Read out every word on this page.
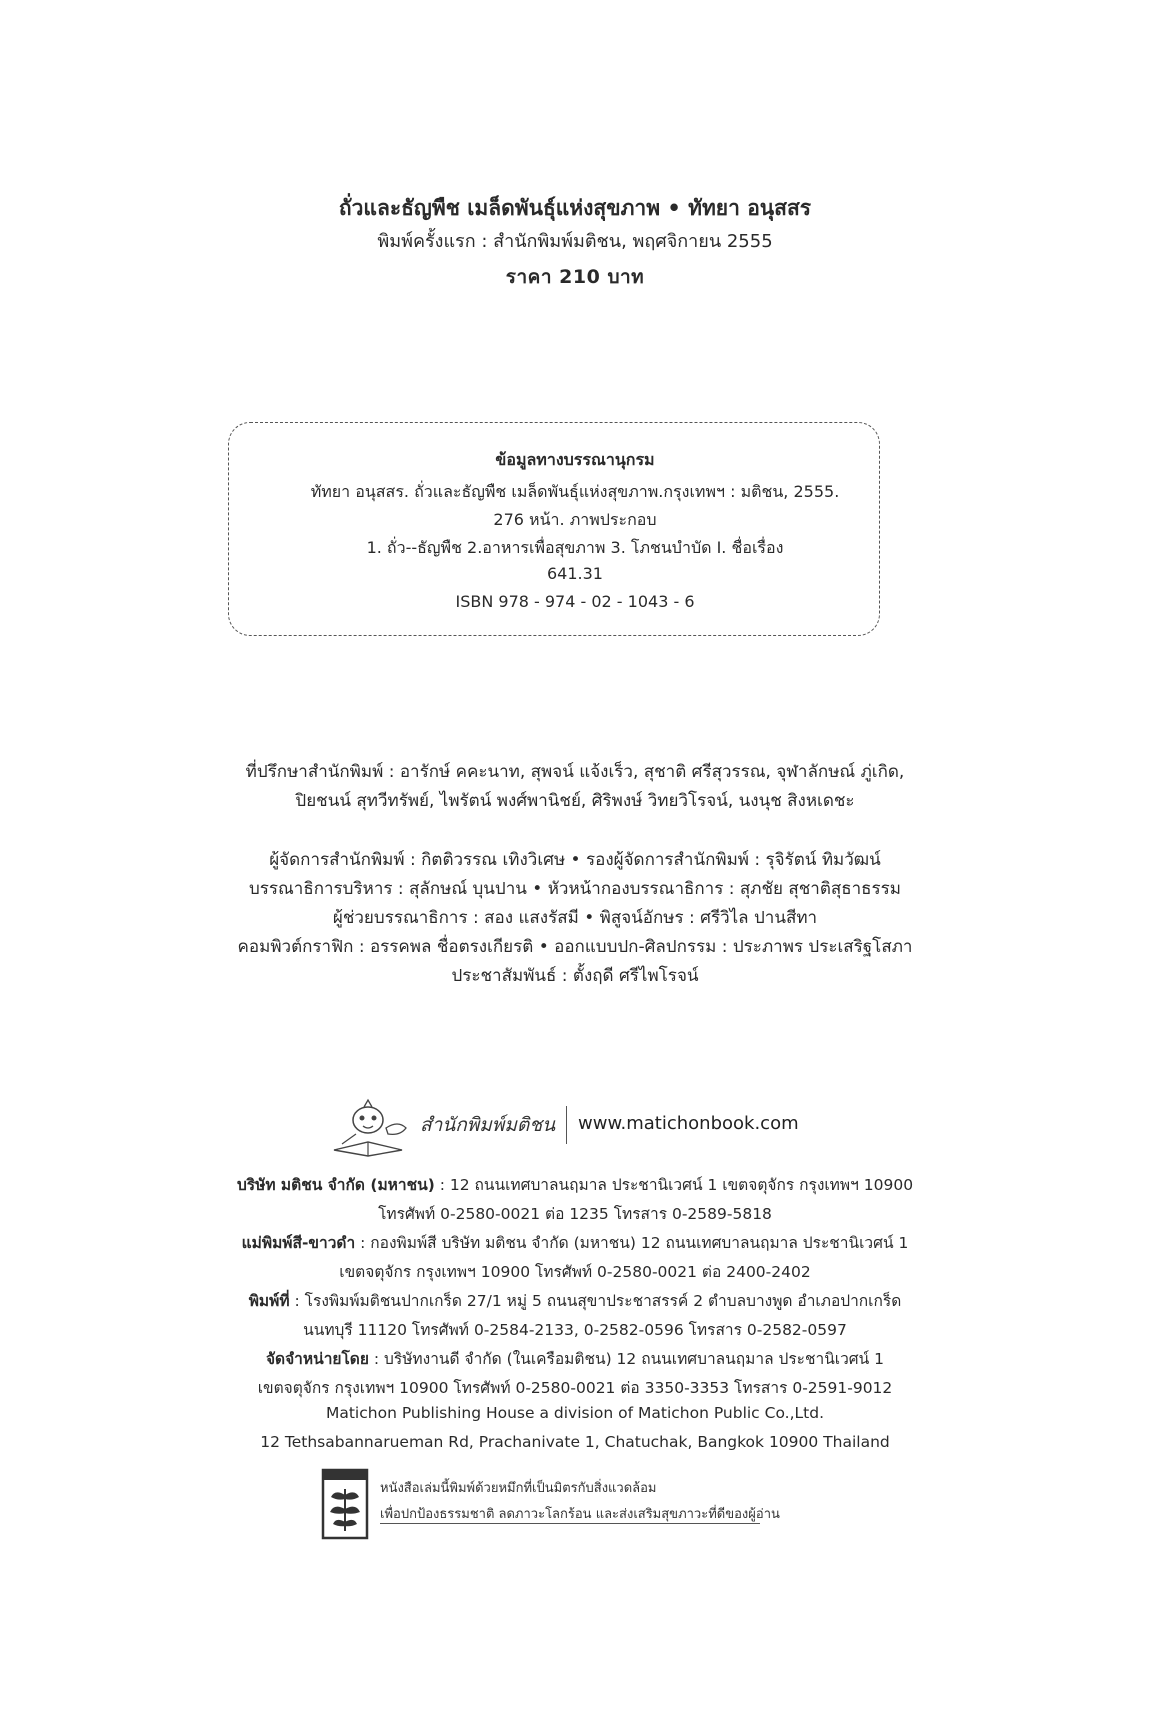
ถั่วและธัญพืช เมล็ดพันธุ์แห่งสุขภาพ • ทัทยา อนุสสร
พิมพ์ครั้งแรก : สำนักพิมพ์มติชน, พฤศจิกายน 2555
ราคา 210 บาท
ข้อมูลทางบรรณานุกรม
ทัทยา อนุสสร. ถั่วและธัญพืช เมล็ดพันธุ์แห่งสุขภาพ.กรุงเทพฯ : มติชน, 2555.
276 หน้า. ภาพประกอบ
1. ถั่ว--ธัญพืช 2.อาหารเพื่อสุขภาพ 3. โภชนบำบัด I. ชื่อเรื่อง
641.31
ISBN 978 - 974 - 02 - 1043 - 6
ที่ปรึกษาสำนักพิมพ์ : อารักษ์ คคะนาท, สุพจน์ แจ้งเร็ว, สุชาติ ศรีสุวรรณ, จุฬาลักษณ์ ภู่เกิด,
ปิยชนน์ สุทวีทรัพย์, ไพรัตน์ พงศ์พานิชย์, ศิริพงษ์ วิทยวิโรจน์, นงนุช สิงหเดชะ
ผู้จัดการสำนักพิมพ์ : กิตติวรรณ เทิงวิเศษ • รองผู้จัดการสำนักพิมพ์ : รุจิรัตน์ ทิมวัฒน์
บรรณาธิการบริหาร : สุลักษณ์ บุนปาน • หัวหน้ากองบรรณาธิการ : สุภชัย สุชาติสุธาธรรม
ผู้ช่วยบรรณาธิการ : สอง แสงรัสมี • พิสูจน์อักษร : ศรีวิไล ปานสีทา
คอมพิวต์กราฟิก : อรรคพล ชื่อตรงเกียรติ • ออกแบบปก-ศิลปกรรม : ประภาพร ประเสริฐโสภา
ประชาสัมพันธ์ : ตั้งฤดี ศรีไพโรจน์
สำนักพิมพ์มติชน www.matichonbook.com
บริษัท มติชน จำกัด (มหาชน) : 12 ถนนเทศบาลนฤมาล ประชานิเวศน์ 1 เขตจตุจักร กรุงเทพฯ 10900
โทรศัพท์ 0-2580-0021 ต่อ 1235 โทรสาร 0-2589-5818
แม่พิมพ์สี-ขาวดำ : กองพิมพ์สี บริษัท มติชน จำกัด (มหาชน) 12 ถนนเทศบาลนฤมาล ประชานิเวศน์ 1
เขตจตุจักร กรุงเทพฯ 10900 โทรศัพท์ 0-2580-0021 ต่อ 2400-2402
พิมพ์ที่ : โรงพิมพ์มติชนปากเกร็ด 27/1 หมู่ 5 ถนนสุขาประชาสรรค์ 2 ตำบลบางพูด อำเภอปากเกร็ด
นนทบุรี 11120 โทรศัพท์ 0-2584-2133, 0-2582-0596 โทรสาร 0-2582-0597
จัดจำหน่ายโดย : บริษัทงานดี จำกัด (ในเครือมติชน) 12 ถนนเทศบาลนฤมาล ประชานิเวศน์ 1
เขตจตุจักร กรุงเทพฯ 10900 โทรศัพท์ 0-2580-0021 ต่อ 3350-3353 โทรสาร 0-2591-9012
Matichon Publishing House a division of Matichon Public Co.,Ltd.
12 Tethsabannarueman Rd, Prachanivate 1, Chatuchak, Bangkok 10900 Thailand
หนังสือเล่มนี้พิมพ์ด้วยหมึกที่เป็นมิตรกับสิ่งแวดล้อม
เพื่อปกป้องธรรมชาติ ลดภาวะโลกร้อน และส่งเสริมสุขภาวะที่ดีของผู้อ่าน
